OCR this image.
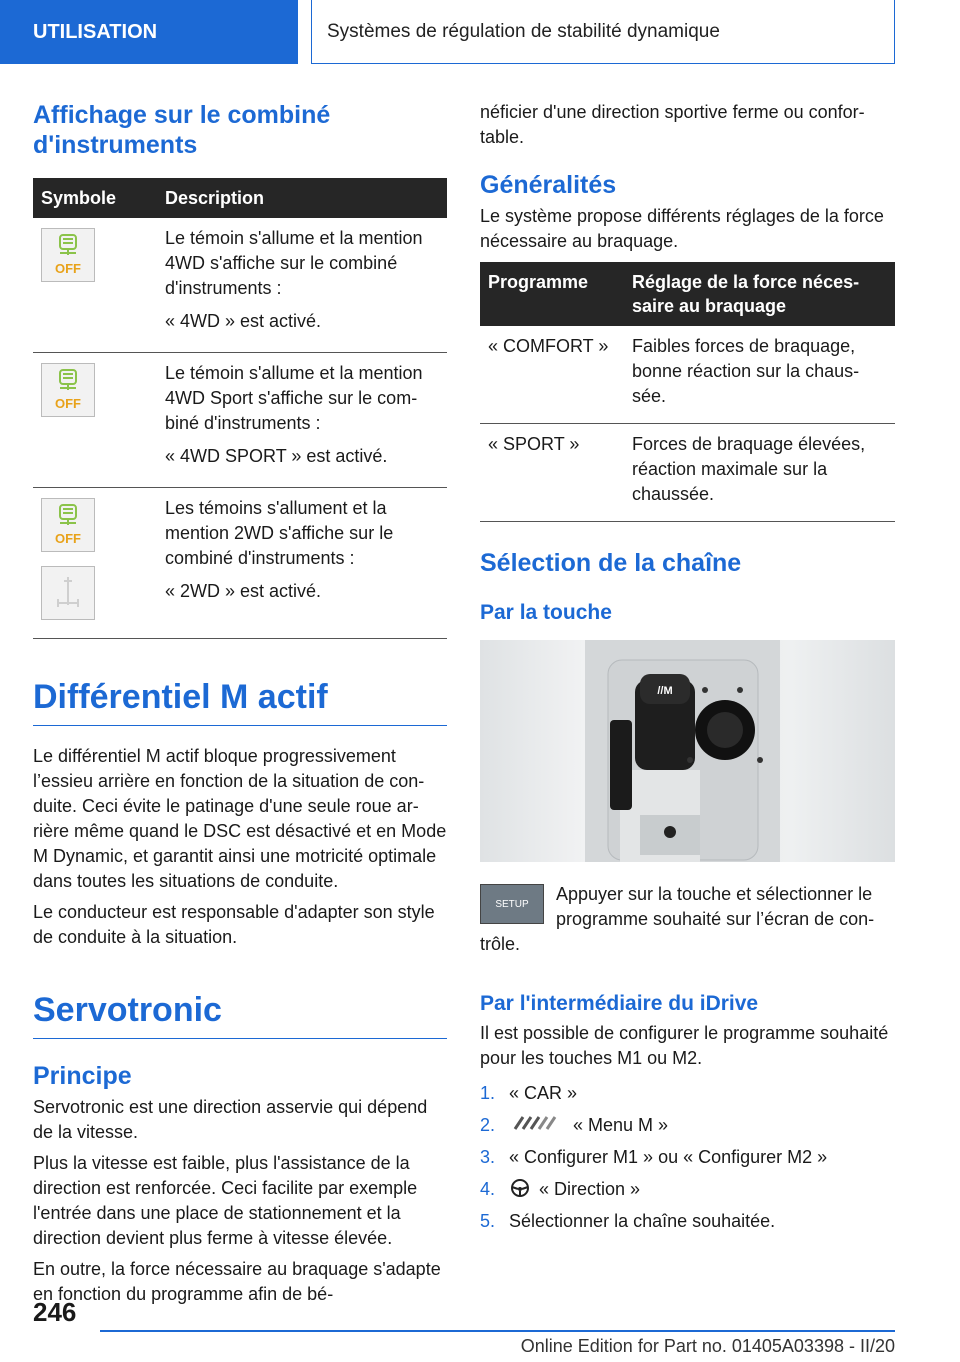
UTILISATION	Systèmes de régulation de stabilité dynamique
Affichage sur le combiné d'instruments
Symbole	Description

OFF	Le témoin s'allume et la mention 4WD s'affiche sur le combiné d'instruments :

« 4WD » est activé.

OFF	Le témoin s'allume et la mention 4WD Sport s'affiche sur le combiné d'instruments :

« 4WD SPORT » est activé.

OFF	Les témoins s'allument et la mention 2WD s'affiche sur le combiné d'instruments :

« 2WD » est activé.

Différentiel M actif

Le différentiel M actif bloque progressivement l’essieu arrière en fonction de la situation de conduite. Ceci évite le patinage d'une seule roue arrière même quand le DSC est désactivé et en Mode M Dynamic, et garantit ainsi une motricité optimale dans toutes les situations de conduite.

Le conducteur est responsable d'adapter son style de conduite à la situation.

Servotronic
Principe

Servotronic est une direction asservie qui dépend de la vitesse.

Plus la vitesse est faible, plus l'assistance de la direction est renforcée. Ceci facilite par exemple l'entrée dans une place de stationnement et la direction devient plus ferme à vitesse élevée.

En outre, la force nécessaire au braquage s'adapte en fonction du programme afin de bé-

néficier d'une direction sportive ferme ou confortable.

Généralités

Le système propose différents réglages de la force nécessaire au braquage.

Programme	Réglage de la force nécessaire au braquage
« COMFORT »	Faibles forces de braquage, bonne réaction sur la chaussée.
« SPORT »	Forces de braquage élevées, réaction maximale sur la chaussée.
Sélection de la chaîne
Par la touche
//M
SETUP	Appuyer sur la touche et sélectionner le programme souhaité sur l’écran de contrôle.

Par l'intermédiaire du iDrive

Il est possible de configurer le programme souhaité pour les touches M1 ou M2.

1. « CAR »
2.	« Menu M »
3. « Configurer M1 » ou « Configurer M2 »
4.	« Direction »
5. Sélectionner la chaîne souhaitée.
246
Online Edition for Part no. 01405A03398 - II/20
